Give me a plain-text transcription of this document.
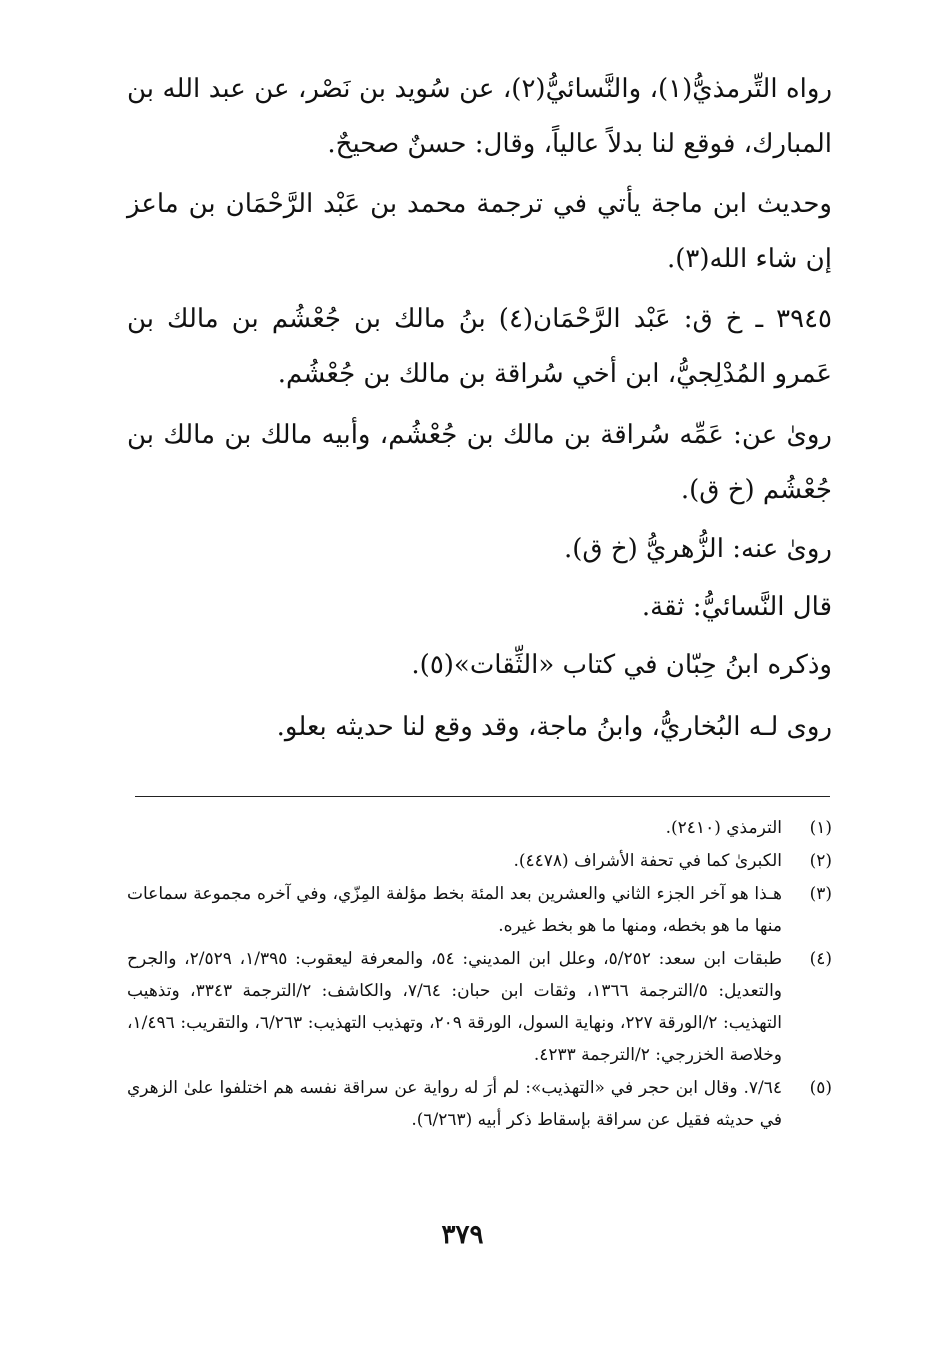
رواه التِّرمذيُّ(١)، والنَّسائيُّ(٢)، عن سُويد بن نَصْر، عن عبد الله بن المبارك، فوقع لنا بدلاً عالياً، وقال: حسنٌ صحيحٌ.

وحديث ابن ماجة يأتي في ترجمة محمد بن عَبْد الرَّحْمَان بن ماعز إن شاء الله(٣).

٣٩٤٥ ـ خ ق: عَبْد الرَّحْمَان(٤) بنُ مالك بن جُعْشُم بن مالك بن عَمرو المُدْلِجيُّ، ابن أخي سُراقة بن مالك بن جُعْشُم.

روىٰ عن: عَمِّه سُراقة بن مالك بن جُعْشُم، وأبيه مالك بن مالك بن جُعْشُم (خ ق).

روىٰ عنه: الزُّهريُّ (خ ق).
قال النَّسائيُّ: ثقة.
وذكره ابنُ حِبّان في كتاب «الثِّقات»(٥).
روى لـه البُخاريُّ، وابنُ ماجة، وقد وقع لنا حديثه بعلو.
(١)
الترمذي (٢٤١٠).
(٢)
الكبرىٰ كما في تحفة الأشراف (٤٤٧٨).
(٣)
هـذا هو آخر الجزء الثاني والعشرين بعد المئة بخط مؤلفة المِزّي، وفي آخره مجموعة سماعات منها ما هو بخطه، ومنها ما هو بخط غيره.
(٤)
طبقات ابن سعد: ٥/٢٥٢، وعلل ابن المديني: ٥٤، والمعرفة ليعقوب: ١/٣٩٥، ٢/٥٢٩، والجرح والتعديل: ٥/الترجمة ١٣٦٦، وثقات ابن حبان: ٧/٦٤، والكاشف: ٢/الترجمة ٣٣٤٣، وتذهيب التهذيب: ٢/الورقة ٢٢٧، ونهاية السول، الورقة ٢٠٩، وتهذيب التهذيب: ٦/٢٦٣، والتقريب: ١/٤٩٦، وخلاصة الخزرجي: ٢/الترجمة ٤٢٣٣.
(٥)
٧/٦٤. وقال ابن حجر في «التهذيب»: لم أرَ له رواية عن سراقة نفسه هم اختلفوا علىٰ الزهري في حديثه فقيل عن سراقة بإسقاط ذكر أبيه (٦/٢٦٣).
٣٧٩
